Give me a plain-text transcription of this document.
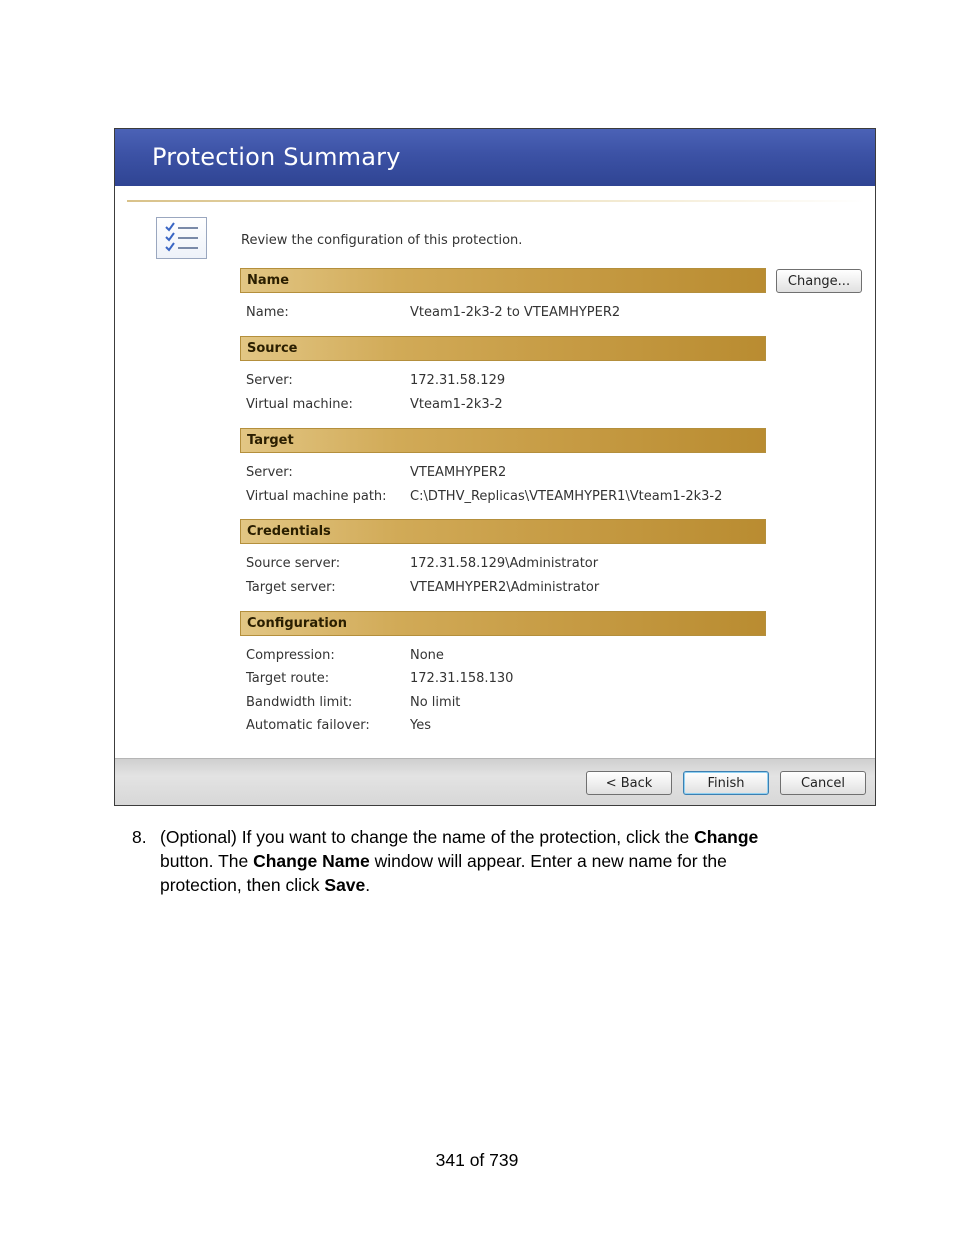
Protection Summary
Review the configuration of this protection.
Name	Change...
Name:	Vteam1-2k3-2 to VTEAMHYPER2
Source
Server:	172.31.58.129
Virtual machine:	Vteam1-2k3-2
Target
Server:	VTEAMHYPER2
Virtual machine path: C:\DTHV_Replicas\VTEAMHYPER1\Vteam1-2k3-2
Credentials
Source server:	172.31.58.129\Administrator
Target server:	VTEAMHYPER2\Administrator
Configuration
Compression:	None
Target route:	172.31.158.130
Bandwidth limit:	No limit
Automatic failover:	Yes
< Back	Finish	Cancel
8. (Optional) If you want to change the name of the protection, click the Change button. The Change Name window will appear. Enter a new name for the protection, then click Save.
341 of 739
